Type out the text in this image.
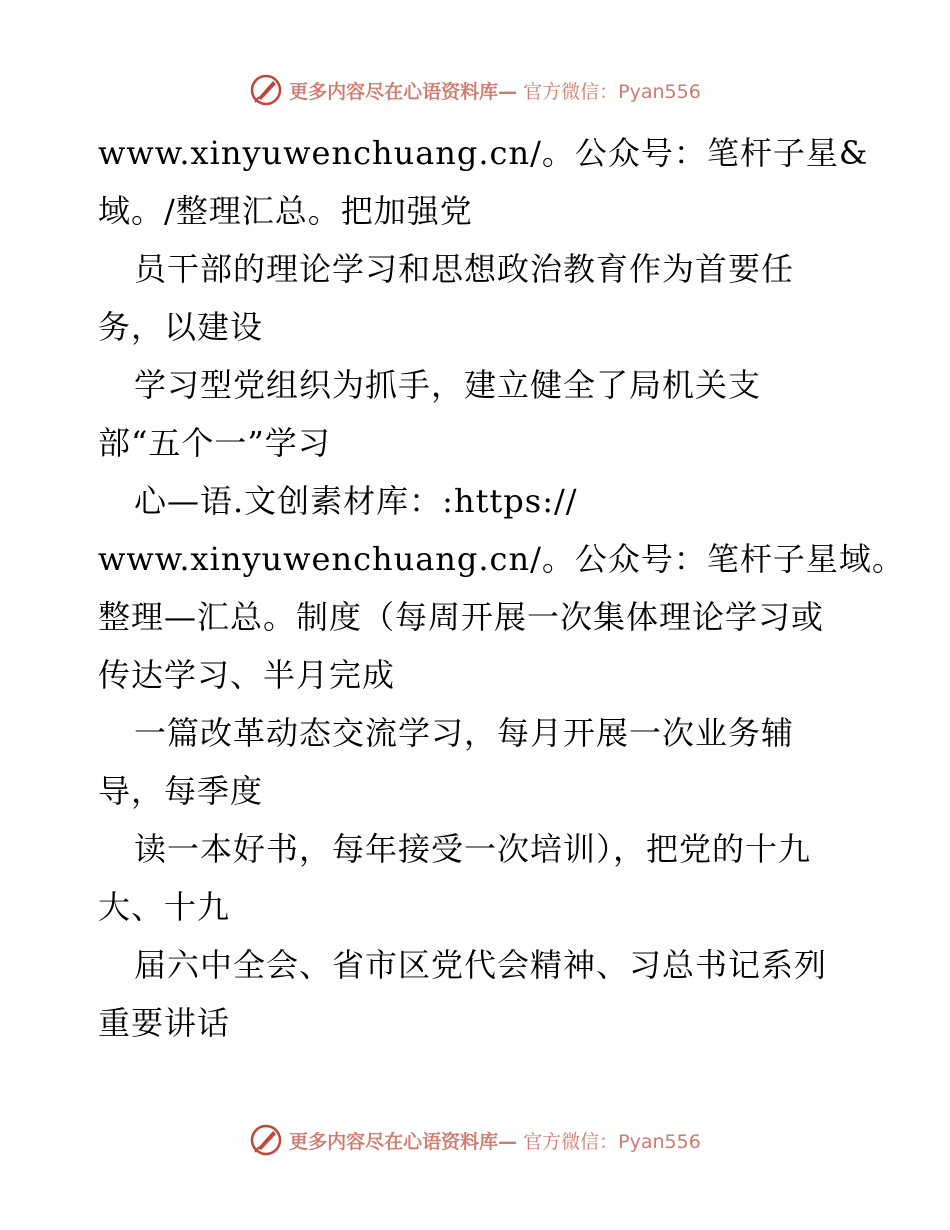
更多内容尽在心语资料库— 官方微信：Pyan556
www.xinyuwenchuang.cn/。公众号：笔杆子星&
域。/整理汇总。把加强党
员干部的理论学习和思想政治教育作为首要任
务，以建设
学习型党组织为抓手，建立健全了局机关支
部“五个一”学习
心—语.文创素材库：:https://
www.xinyuwenchuang.cn/。公众号：笔杆子星域。
整理—汇总。制度（每周开展一次集体理论学习或
传达学习、半月完成
一篇改革动态交流学习，每月开展一次业务辅
导，每季度
读一本好书，每年接受一次培训），把党的十九
大、十九
届六中全会、省市区党代会精神、习总书记系列
重要讲话
更多内容尽在心语资料库— 官方微信：Pyan556
